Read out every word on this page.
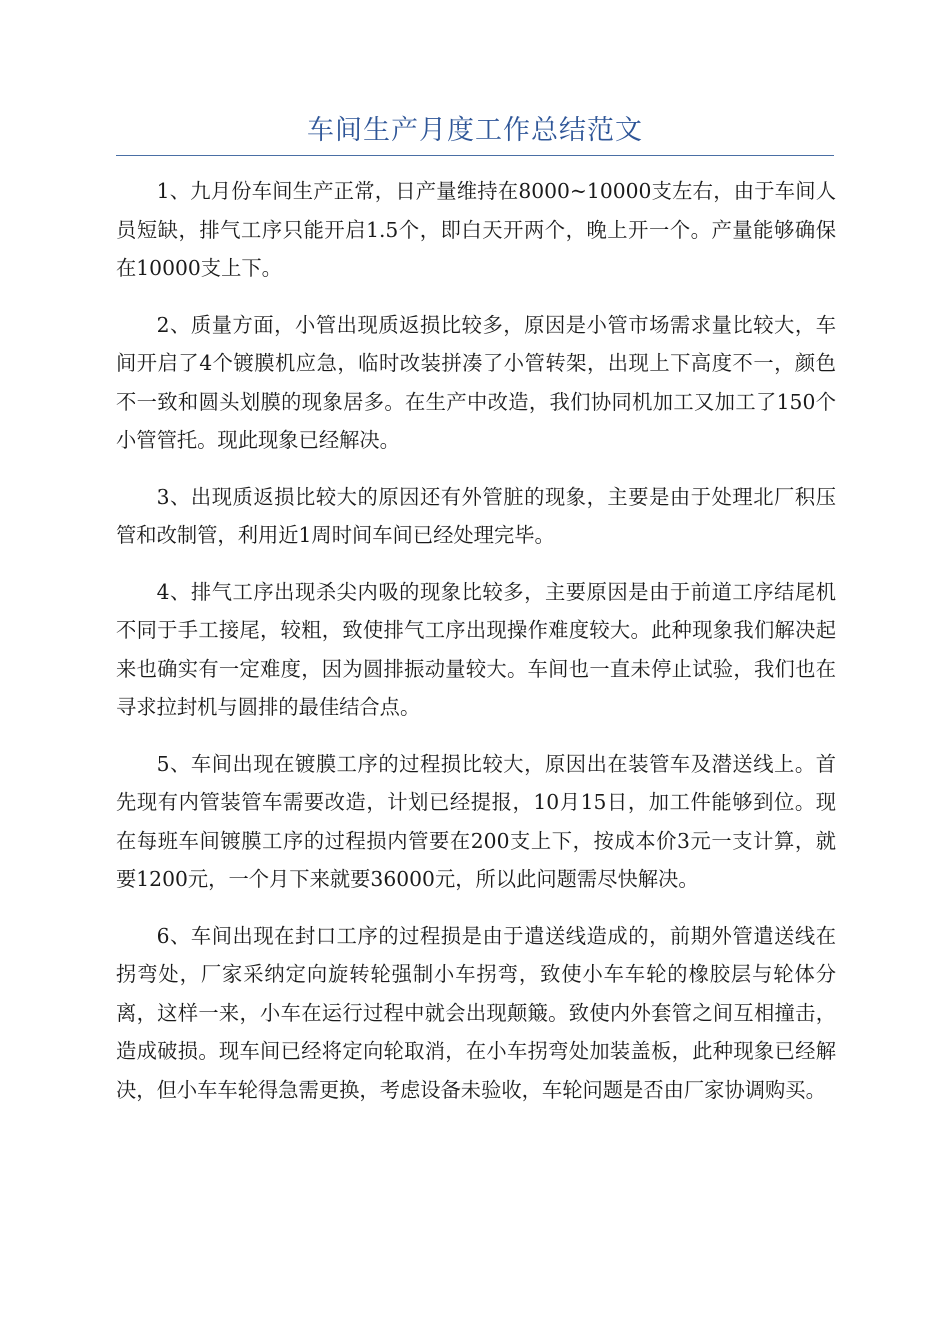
车间生产月度工作总结范文

1、九月份车间生产正常，日产量维持在8000~10000支左右，由于车间人员短缺，排气工序只能开启1.5个，即白天开两个，晚上开一个。产量能够确保在10000支上下。

2、质量方面，小管出现质返损比较多，原因是小管市场需求量比较大，车间开启了4个镀膜机应急，临时改装拼凑了小管转架，出现上下高度不一，颜色不一致和圆头划膜的现象居多。在生产中改造，我们协同机加工又加工了150个小管管托。现此现象已经解决。

3、出现质返损比较大的原因还有外管脏的现象，主要是由于处理北厂积压管和改制管，利用近1周时间车间已经处理完毕。

4、排气工序出现杀尖内吸的现象比较多，主要原因是由于前道工序结尾机不同于手工接尾，较粗，致使排气工序出现操作难度较大。此种现象我们解决起来也确实有一定难度，因为圆排振动量较大。车间也一直未停止试验，我们也在寻求拉封机与圆排的最佳结合点。

5、车间出现在镀膜工序的过程损比较大，原因出在装管车及潜送线上。首先现有内管装管车需要改造，计划已经提报，10月15日，加工件能够到位。现在每班车间镀膜工序的过程损内管要在200支上下，按成本价3元一支计算，就要1200元，一个月下来就要36000元，所以此问题需尽快解决。

6、车间出现在封口工序的过程损是由于遣送线造成的，前期外管遣送线在拐弯处，厂家采纳定向旋转轮强制小车拐弯，致使小车车轮的橡胶层与轮体分离，这样一来，小车在运行过程中就会出现颠簸。致使内外套管之间互相撞击，造成破损。现车间已经将定向轮取消，在小车拐弯处加装盖板，此种现象已经解决，但小车车轮得急需更换，考虑设备未验收，车轮问题是否由厂家协调购买。
